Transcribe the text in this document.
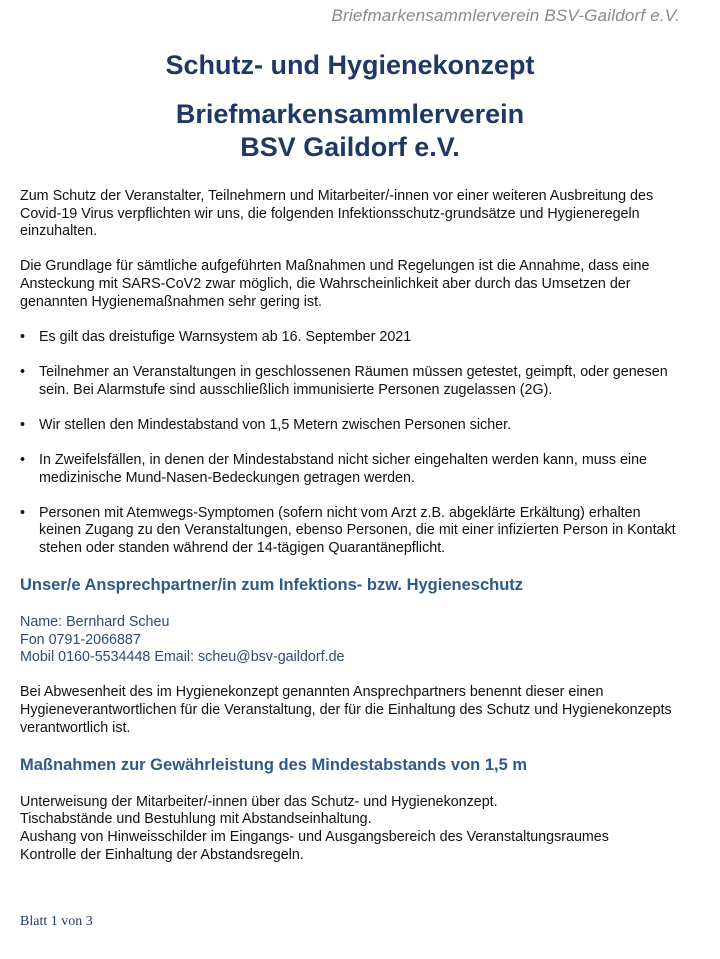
Briefmarkensammlerverein BSV-Gaildorf e.V.
Schutz- und Hygienekonzept
Briefmarkensammlerverein
BSV Gaildorf e.V.

Zum Schutz der Veranstalter, Teilnehmern und Mitarbeiter/-innen vor einer weiteren Ausbreitung des Covid-19 Virus verpflichten wir uns, die folgenden Infektionsschutz-grundsätze und Hygieneregeln einzuhalten.

Die Grundlage für sämtliche aufgeführten Maßnahmen und Regelungen ist die Annahme, dass eine Ansteckung mit SARS-CoV2 zwar möglich, die Wahrscheinlichkeit aber durch das Umsetzen der genannten Hygienemaßnahmen sehr gering ist.

• Es gilt das dreistufige Warnsystem ab 16. September 2021
• Teilnehmer an Veranstaltungen in geschlossenen Räumen müssen getestet, geimpft, oder genesen sein. Bei Alarmstufe sind ausschließlich immunisierte Personen zugelassen (2G).
• Wir stellen den Mindestabstand von 1,5 Metern zwischen Personen sicher.
• In Zweifelsfällen, in denen der Mindestabstand nicht sicher eingehalten werden kann, muss eine medizinische Mund-Nasen-Bedeckungen getragen werden.
• Personen mit Atemwegs-Symptomen (sofern nicht vom Arzt z.B. abgeklärte Erkältung) erhalten keinen Zugang zu den Veranstaltungen, ebenso Personen, die mit einer infizierten Person in Kontakt stehen oder standen während der 14-tägigen Quarantänepflicht.
Unser/e Ansprechpartner/in zum Infektions- bzw. Hygieneschutz
Name: Bernhard Scheu
Fon 0791-2066887
Mobil 0160-5534448 Email: scheu@bsv-gaildorf.de

Bei Abwesenheit des im Hygienekonzept genannten Ansprechpartners benennt dieser einen Hygieneverantwortlichen für die Veranstaltung, der für die Einhaltung des Schutz und Hygienekonzepts verantwortlich ist.

Maßnahmen zur Gewährleistung des Mindestabstands von 1,5 m
Unterweisung der Mitarbeiter/-innen über das Schutz- und Hygienekonzept.
Tischabstände und Bestuhlung mit Abstandseinhaltung.
Aushang von Hinweisschilder im Eingangs- und Ausgangsbereich des Veranstaltungsraumes
Kontrolle der Einhaltung der Abstandsregeln.
Blatt 1 von 3
